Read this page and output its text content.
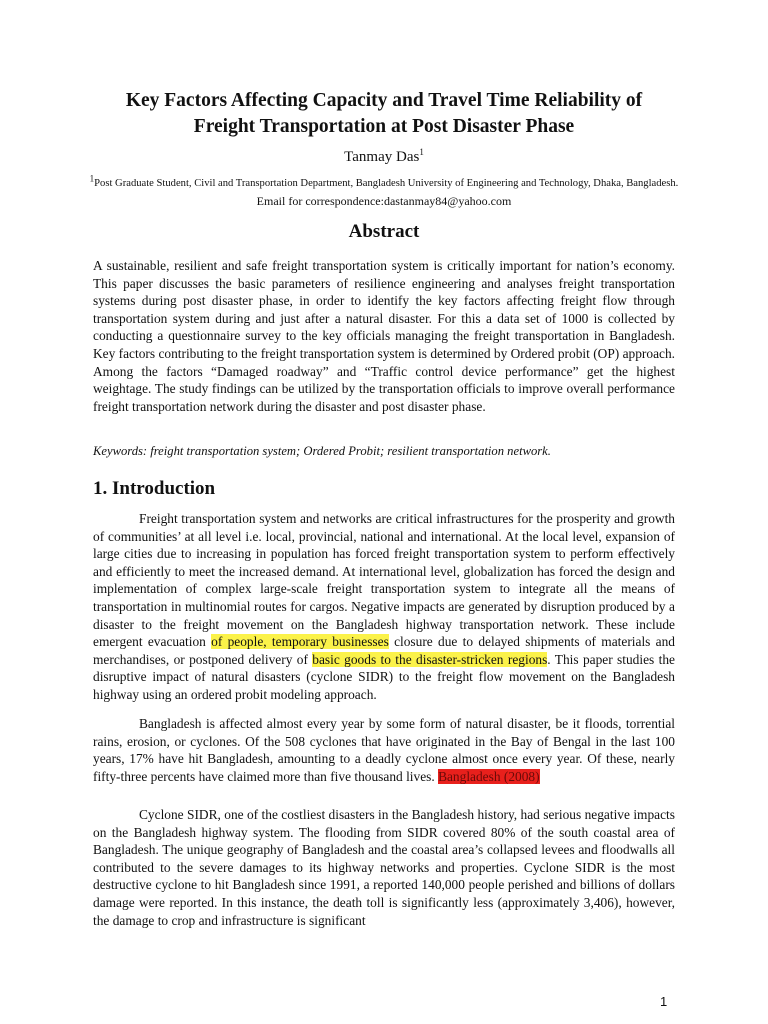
Key Factors Affecting Capacity and Travel Time Reliability of
Freight Transportation at Post Disaster Phase
Tanmay Das$^1$
$^1$Post Graduate Student, Civil and Transportation Department, Bangladesh University of Engineering and Technology, Dhaka, Bangladesh.
Email for correspondence:dastanmay84@yahoo.com
Abstract

A sustainable, resilient and safe freight transportation system is critically important for nation’s economy. This paper discusses the basic parameters of resilience engineering and analyses freight transportation systems during post disaster phase, in order to identify the key factors affecting freight flow through transportation system during and just after a natural disaster. For this a data set of 1000 is collected by conducting a questionnaire survey to the key officials managing the freight transportation in Bangladesh. Key factors contributing to the freight transportation system is determined by Ordered probit (OP) approach. Among the factors “Damaged roadway” and “Traffic control device performance” get the highest weightage. The study findings can be utilized by the transportation officials to improve overall performance freight transportation network during the disaster and post disaster phase.

Keywords: freight transportation system; Ordered Probit; resilient transportation network.

1. Introduction

Freight transportation system and networks are critical infrastructures for the prosperity and growth of communities’ at all level i.e. local, provincial, national and international. At the local level, expansion of large cities due to increasing in population has forced freight transportation system to perform effectively and efficiently to meet the increased demand. At international level, globalization has forced the design and implementation of complex large-scale freight transportation system to integrate all the means of transportation in multinomial routes for cargos. Negative impacts are generated by disruption produced by a disaster to the freight movement on the Bangladesh highway transportation network. These include emergent evacuation of people, temporary businesses closure due to delayed shipments of materials and merchandises, or postponed delivery of basic goods to the disaster-stricken regions. This paper studies the disruptive impact of natural disasters (cyclone SIDR) to the freight flow movement on the Bangladesh highway using an ordered probit modeling approach.

Bangladesh is affected almost every year by some form of natural disaster, be it floods, torrential rains, erosion, or cyclones. Of the 508 cyclones that have originated in the Bay of Bengal in the last 100 years, 17% have hit Bangladesh, amounting to a deadly cyclone almost once every year. Of these, nearly fifty-three percents have claimed more than five thousand lives. Bangladesh (2008)

Cyclone SIDR, one of the costliest disasters in the Bangladesh history, had serious negative impacts on the Bangladesh highway system. The flooding from SIDR covered 80% of the south coastal area of Bangladesh. The unique geography of Bangladesh and the coastal area’s collapsed levees and floodwalls all contributed to the severe damages to its highway networks and properties. Cyclone SIDR is the most destructive cyclone to hit Bangladesh since 1991, a reported 140,000 people perished and billions of dollars damage were reported. In this instance, the death toll is significantly less (approximately 3,406), however, the damage to crop and infrastructure is significant

1
